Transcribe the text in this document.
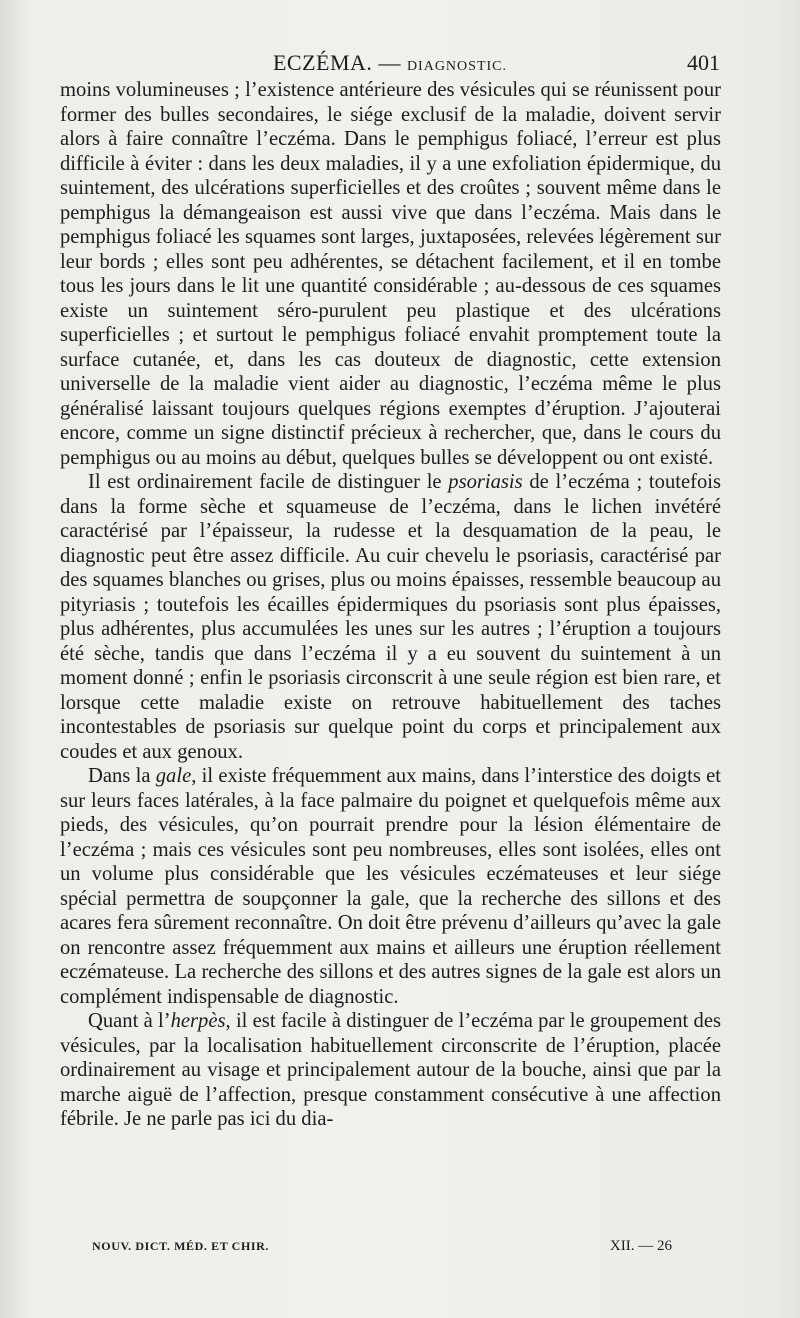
ECZÉMA. — DIAGNOSTIC.	401

moins volumineuses ; l’existence antérieure des vésicules qui se réunissent pour former des bulles secondaires, le siége exclusif de la maladie, doivent servir alors à faire connaître l’eczéma. Dans le pemphigus foliacé, l’erreur est plus difficile à éviter : dans les deux maladies, il y a une exfoliation épidermique, du suintement, des ulcérations superficielles et des croûtes ; souvent même dans le pemphigus la démangeaison est aussi vive que dans l’eczéma. Mais dans le pemphigus foliacé les squames sont larges, juxtaposées, relevées légèrement sur leur bords ; elles sont peu adhérentes, se détachent facilement, et il en tombe tous les jours dans le lit une quantité considérable ; au-dessous de ces squames existe un suintement séro-purulent peu plastique et des ulcérations superficielles ; et surtout le pemphigus foliacé envahit promptement toute la surface cutanée, et, dans les cas douteux de diagnostic, cette extension universelle de la maladie vient aider au diagnostic, l’eczéma même le plus généralisé laissant toujours quelques régions exemptes d’éruption. J’ajouterai encore, comme un signe distinctif précieux à rechercher, que, dans le cours du pemphigus ou au moins au début, quelques bulles se développent ou ont existé.

Il est ordinairement facile de distinguer le psoriasis de l’eczéma ; toutefois dans la forme sèche et squameuse de l’eczéma, dans le lichen invétéré caractérisé par l’épaisseur, la rudesse et la desquamation de la peau, le diagnostic peut être assez difficile. Au cuir chevelu le psoriasis, caractérisé par des squames blanches ou grises, plus ou moins épaisses, ressemble beaucoup au pityriasis ; toutefois les écailles épidermiques du psoriasis sont plus épaisses, plus adhérentes, plus accumulées les unes sur les autres ; l’éruption a toujours été sèche, tandis que dans l’eczéma il y a eu souvent du suintement à un moment donné ; enfin le psoriasis circonscrit à une seule région est bien rare, et lorsque cette maladie existe on retrouve habituellement des taches incontestables de psoriasis sur quelque point du corps et principalement aux coudes et aux genoux.

Dans la gale, il existe fréquemment aux mains, dans l’interstice des doigts et sur leurs faces latérales, à la face palmaire du poignet et quelquefois même aux pieds, des vésicules, qu’on pourrait prendre pour la lésion élémentaire de l’eczéma ; mais ces vésicules sont peu nombreuses, elles sont isolées, elles ont un volume plus considérable que les vésicules eczémateuses et leur siége spécial permettra de soupçonner la gale, que la recherche des sillons et des acares fera sûrement reconnaître. On doit être prévenu d’ailleurs qu’avec la gale on rencontre assez fréquemment aux mains et ailleurs une éruption réellement eczémateuse. La recherche des sillons et des autres signes de la gale est alors un complément indispensable de diagnostic.

Quant à l’herpès, il est facile à distinguer de l’eczéma par le groupement des vésicules, par la localisation habituellement circonscrite de l’éruption, placée ordinairement au visage et principalement autour de la bouche, ainsi que par la marche aiguë de l’affection, presque constamment consécutive à une affection fébrile. Je ne parle pas ici du dia-

NOUV. DICT. MÉD. ET CHIR.	XII. — 26
